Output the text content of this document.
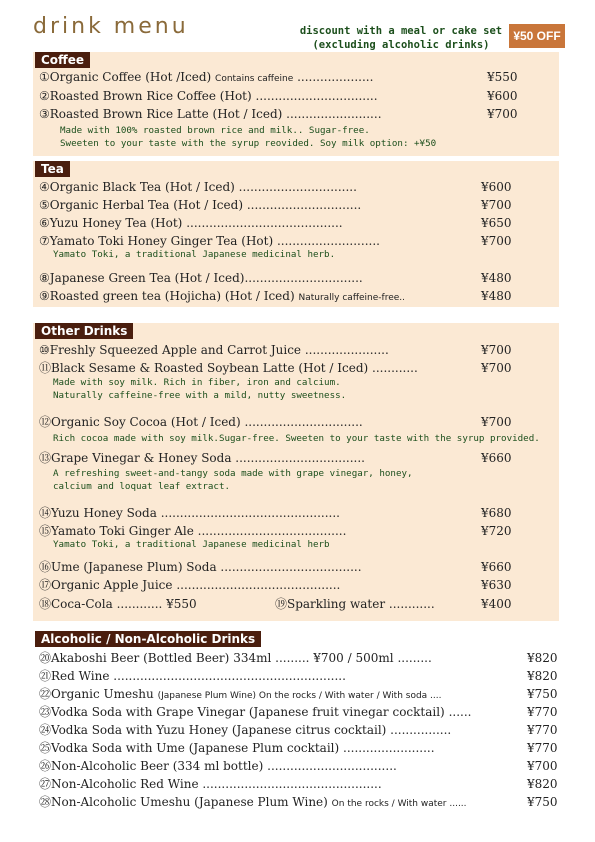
drink menu	discount with a meal or cake set
(excluding alcoholic drinks)
¥50 OFF
Coffee
①Organic Coffee (Hot /Iced) Contains caffeine ....................	¥550
②Roasted Brown Rice Coffee (Hot) ................................	¥600
③Roasted Brown Rice Latte (Hot / Iced) .........................	¥700
Made with 100% roasted brown rice and milk.. Sugar-free.
Sweeten to your taste with the syrup reovided. Soy milk option: +¥50
Tea
④Organic Black Tea (Hot / Iced) ...............................	¥600
⑤Organic Herbal Tea (Hot / Iced) ..............................	¥700
⑥Yuzu Honey Tea (Hot) .........................................	¥650
⑦Yamato Toki Honey Ginger Tea (Hot) ...........................	¥700
Yamato Toki, a traditional Japanese medicinal herb.
⑧Japanese Green Tea (Hot / Iced)...............................	¥480
⑨Roasted green tea (Hojicha) (Hot / Iced) Naturally caffeine-free..	¥480
Other Drinks
⑩Freshly Squeezed Apple and Carrot Juice ......................	¥700
⑪Black Sesame & Roasted Soybean Latte (Hot / Iced) ............	¥700
Made with soy milk. Rich in fiber, iron and calcium.
Naturally caffeine-free with a mild, nutty sweetness.
⑫Organic Soy Cocoa (Hot / Iced) ...............................	¥700
Rich cocoa made with soy milk.Sugar-free. Sweeten to your taste with the syrup provided.
⑬Grape Vinegar & Honey Soda ..................................	¥660
A refreshing sweet-and-tangy soda made with grape vinegar, honey,
calcium and loquat leaf extract.
⑭Yuzu Honey Soda ...............................................	¥680
⑮Yamato Toki Ginger Ale .......................................	¥720
Yamato Toki, a traditional Japanese medicinal herb
⑯Ume (Japanese Plum) Soda .....................................	¥660
⑰Organic Apple Juice ...........................................	¥630
⑱Coca-Cola ............ ¥550	⑲Sparkling water ............	¥400
Alcoholic / Non-Alcoholic Drinks
⑳Akaboshi Beer (Bottled Beer) 334ml ......... ¥700 / 500ml .........	¥820
㉑Red Wine .............................................................	¥820
㉒Organic Umeshu (Japanese Plum Wine) On the rocks / With water / With soda ....	¥750
㉓Vodka Soda with Grape Vinegar (Japanese fruit vinegar cocktail) ......	¥770
㉔Vodka Soda with Yuzu Honey (Japanese citrus cocktail) ................	¥770
㉕Vodka Soda with Ume (Japanese Plum cocktail) ........................	¥770
㉖Non-Alcoholic Beer (334 ml bottle) ..................................	¥700
㉗Non-Alcoholic Red Wine ...............................................	¥820
㉘Non-Alcoholic Umeshu (Japanese Plum Wine) On the rocks / With water ......	¥750
